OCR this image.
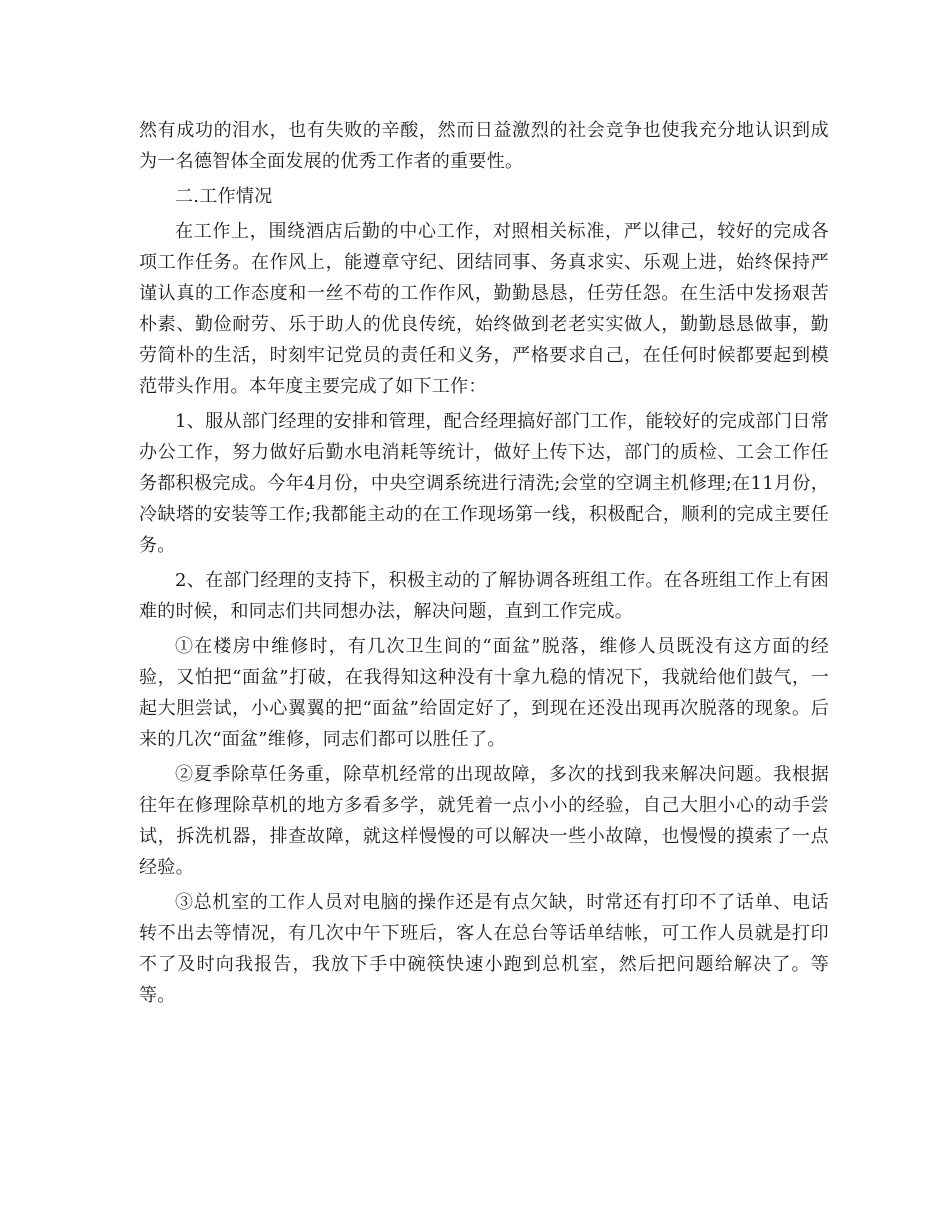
然有成功的泪水，也有失败的辛酸，然而日益激烈的社会竞争也使我充分地认识到成为一名德智体全面发展的优秀工作者的重要性。

二.工作情况

在工作上，围绕酒店后勤的中心工作，对照相关标准，严以律己，较好的完成各项工作任务。在作风上，能遵章守纪、团结同事、务真求实、乐观上进，始终保持严谨认真的工作态度和一丝不苟的工作作风，勤勤恳恳，任劳任怨。在生活中发扬艰苦朴素、勤俭耐劳、乐于助人的优良传统，始终做到老老实实做人，勤勤恳恳做事，勤劳简朴的生活，时刻牢记党员的责任和义务，严格要求自己，在任何时候都要起到模范带头作用。本年度主要完成了如下工作：

1、服从部门经理的安排和管理，配合经理搞好部门工作，能较好的完成部门日常办公工作，努力做好后勤水电消耗等统计，做好上传下达，部门的质检、工会工作任务都积极完成。今年4月份，中央空调系统进行清洗;会堂的空调主机修理;在11月份，冷缺塔的安装等工作;我都能主动的在工作现场第一线，积极配合，顺利的完成主要任务。

2、在部门经理的支持下，积极主动的了解协调各班组工作。在各班组工作上有困难的时候，和同志们共同想办法，解决问题，直到工作完成。

①在楼房中维修时，有几次卫生间的“面盆”脱落，维修人员既没有这方面的经验，又怕把“面盆”打破，在我得知这种没有十拿九稳的情况下，我就给他们鼓气，一起大胆尝试，小心翼翼的把“面盆”给固定好了，到现在还没出现再次脱落的现象。后来的几次“面盆”维修，同志们都可以胜任了。

②夏季除草任务重，除草机经常的出现故障，多次的找到我来解决问题。我根据往年在修理除草机的地方多看多学，就凭着一点小小的经验，自己大胆小心的动手尝试，拆洗机器，排查故障，就这样慢慢的可以解决一些小故障，也慢慢的摸索了一点经验。

③总机室的工作人员对电脑的操作还是有点欠缺，时常还有打印不了话单、电话转不出去等情况，有几次中午下班后，客人在总台等话单结帐，可工作人员就是打印不了及时向我报告，我放下手中碗筷快速小跑到总机室，然后把问题给解决了。等等。
